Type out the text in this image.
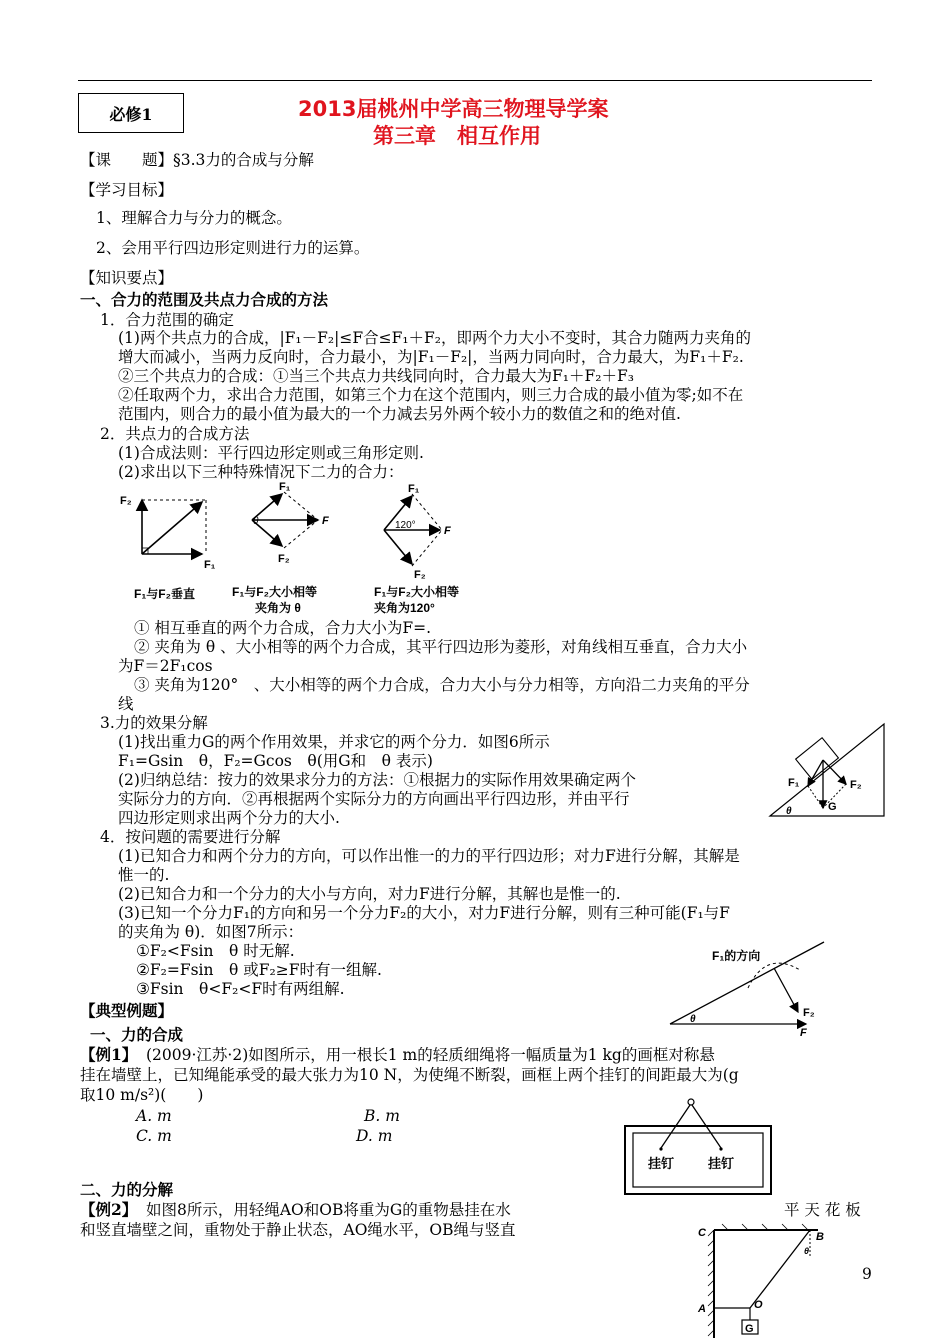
必修1	2013届桃州中学高三物理导学案
第三章　相互作用
【课　　题】§3.3力的合成与分解
【学习目标】
1、理解合力与分力的概念。
2、会用平行四边形定则进行力的运算。
【知识要点】
一、合力的范围及共点力合成的方法
1．合力范围的确定
(1)两个共点力的合成，|F₁－F₂|≤F合≤F₁＋F₂，即两个力大小不变时，其合力随两力夹角的
增大而减小，当两力反向时，合力最小，为|F₁－F₂|，当两力同向时，合力最大，为F₁＋F₂.
②三个共点力的合成：①当三个共点力共线同向时，合力最大为F₁＋F₂＋F₃
②任取两个力，求出合力范围，如第三个力在这个范围内，则三力合成的最小值为零;如不在
范围内，则合力的最小值为最大的一个力减去另外两个较小力的数值之和的绝对值.
2．共点力的合成方法
(1)合成法则：平行四边形定则或三角形定则.
(2)求出以下三种特殊情况下二力的合力：
F₂
F₁
F₁
F₂
F
θ
F₁
F₂
F
120°
F₁与F₂垂直	F₁与F₂大小相等
夹角为 θ
F₁与F₂大小相等
夹角为120°
① 相互垂直的两个力合成，合力大小为F=.
② 夹角为 θ 、大小相等的两个力合成，其平行四边形为菱形，对角线相互垂直，合力大小
为F＝2F₁cos
③ 夹角为120°　、大小相等的两个力合成，合力大小与分力相等，方向沿二力夹角的平分
线
3.力的效果分解
(1)找出重力G的两个作用效果，并求它的两个分力．如图6所示
F₁=Gsin　θ，F₂=Gcos　θ(用G和　θ 表示)
(2)归纳总结：按力的效果求分力的方法：①根据力的实际作用效果确定两个
实际分力的方向．②再根据两个实际分力的方向画出平行四边形，并由平行
四边形定则求出两个分力的大小.
4．按问题的需要进行分解
(1)已知合力和两个分力的方向，可以作出惟一的力的平行四边形；对力F进行分解，其解是
惟一的.
(2)已知合力和一个分力的大小与方向，对力F进行分解，其解也是惟一的.
(3)已知一个分力F₁的方向和另一个分力F₂的大小，对力F进行分解，则有三种可能(F₁与F
的夹角为 θ)．如图7所示：
①F₂<Fsin　θ 时无解.
②F₂=Fsin　θ 或F₂≥F时有一组解.
③Fsin　θ<F₂<F时有两组解.
F₁	F₂
G
θ
F₁的方向
F₂
F
θ
【典型例题】
一、力的合成
【例1】 (2009·江苏·2)如图所示，用一根长1 m的轻质细绳将一幅质量为1 kg的画框对称悬
挂在墙壁上，已知绳能承受的最大张力为10 N，为使绳不断裂，画框上两个挂钉的间距最大为(g
取10 m/s²)(　　)
A. m	B. m
C. m	D. m
挂钉	挂钉
二、力的分解
【例2】 如图8所示，用轻绳AO和OB将重为G的重物悬挂在水	平 天 花 板
和竖直墙壁之间，重物处于静止状态，AO绳水平，OB绳与竖直	C	B
θ
A	O
G
9
